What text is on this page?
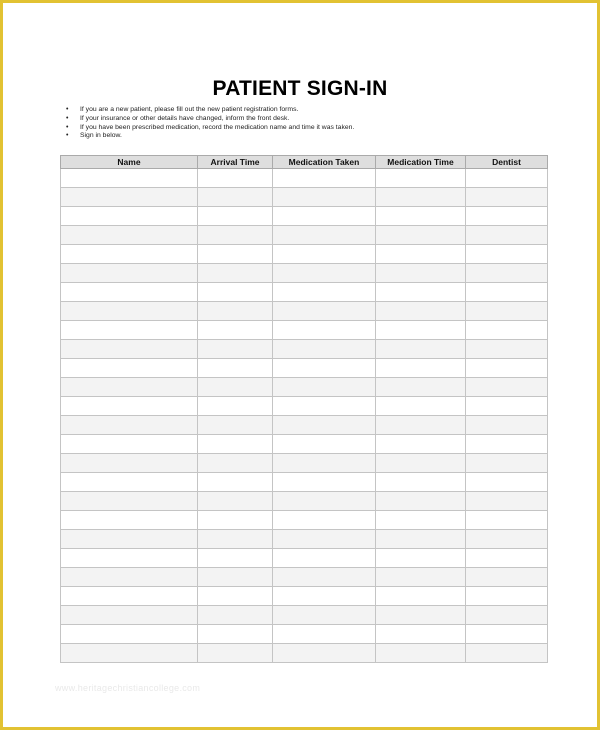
PATIENT SIGN-IN
• If you are a new patient, please fill out the new patient registration forms.
• If your insurance or other details have changed, inform the front desk.
• If you have been prescribed medication, record the medication name and time it was taken.
• Sign in below.
Name	Arrival Time	Medication Taken	Medication Time	Dentist

www.heritagechristiancollege.com
